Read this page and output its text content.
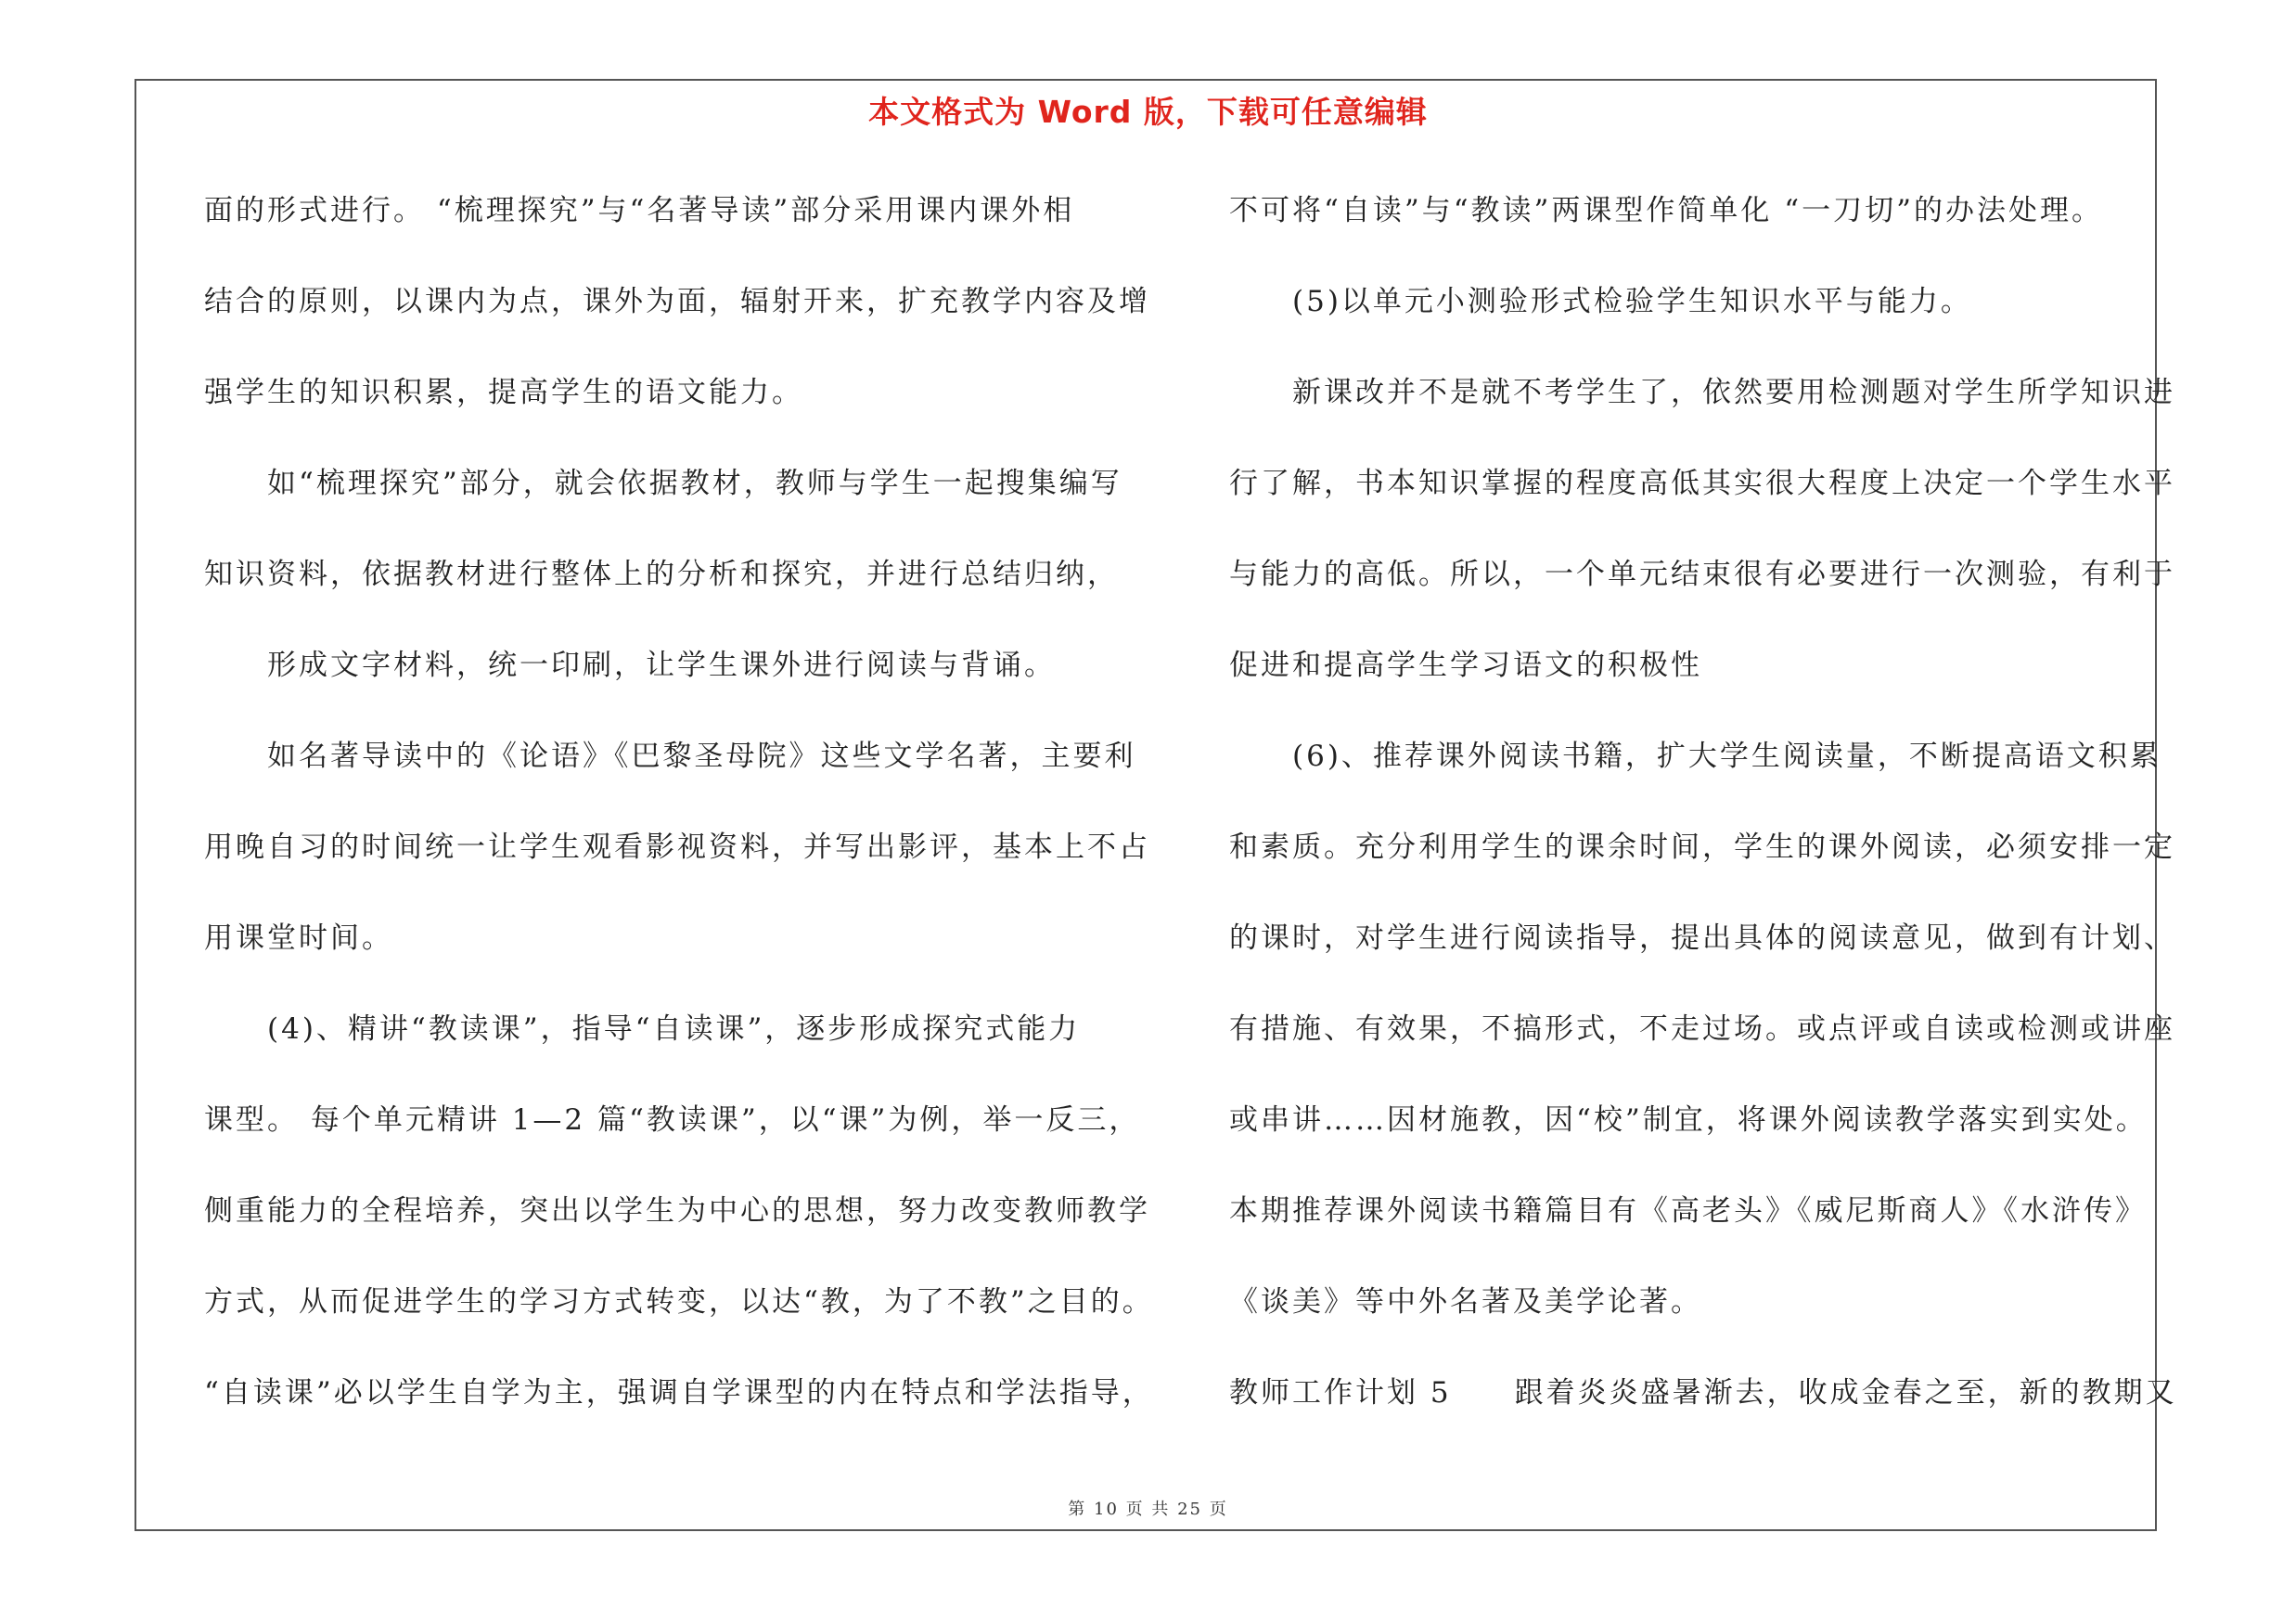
本文格式为 Word 版，下载可任意编辑
面的形式进行。 “梳理探究”与“名著导读”部分采用课内课外相
结合的原则，以课内为点，课外为面，辐射开来，扩充教学内容及增
强学生的知识积累，提高学生的语文能力。
如“梳理探究”部分，就会依据教材，教师与学生一起搜集编写
知识资料，依据教材进行整体上的分析和探究，并进行总结归纳，
形成文字材料，统一印刷，让学生课外进行阅读与背诵。
如名著导读中的《论语》《巴黎圣母院》这些文学名著，主要利
用晚自习的时间统一让学生观看影视资料，并写出影评，基本上不占
用课堂时间。
(4)、精讲“教读课”，指导“自读课”，逐步形成探究式能力
课型。 每个单元精讲 1—2 篇“教读课”，以“课”为例，举一反三，
侧重能力的全程培养，突出以学生为中心的思想，努力改变教师教学
方式，从而促进学生的学习方式转变，以达“教，为了不教”之目的。
“自读课”必以学生自学为主，强调自学课型的内在特点和学法指导，
不可将“自读”与“教读”两课型作简单化 “一刀切”的办法处理。
(5)以单元小测验形式检验学生知识水平与能力。
新课改并不是就不考学生了，依然要用检测题对学生所学知识进
行了解，书本知识掌握的程度高低其实很大程度上决定一个学生水平
与能力的高低。所以，一个单元结束很有必要进行一次测验，有利于
促进和提高学生学习语文的积极性
(6)、推荐课外阅读书籍，扩大学生阅读量，不断提高语文积累
和素质。充分利用学生的课余时间，学生的课外阅读，必须安排一定
的课时，对学生进行阅读指导，提出具体的阅读意见，做到有计划、
有措施、有效果，不搞形式，不走过场。或点评或自读或检测或讲座
或串讲……因材施教，因“校”制宜，将课外阅读教学落实到实处。
本期推荐课外阅读书籍篇目有《高老头》《威尼斯商人》《水浒传》
《谈美》等中外名著及美学论著。
教师工作计划 5　　跟着炎炎盛暑渐去，收成金春之至，新的教期又
第 10 页 共 25 页
